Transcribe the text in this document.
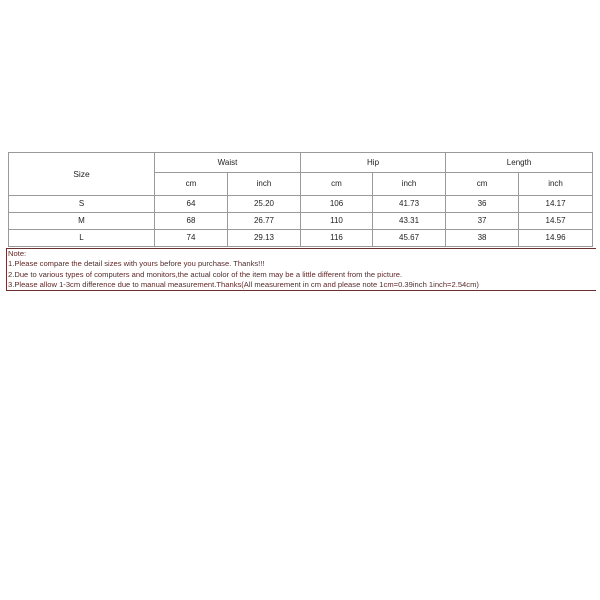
Size	Waist		Hip		Length	
	cm	inch	cm	inch	cm	inch
S	64	25.20	106	41.73	36	14.17
M	68	26.77	110	43.31	37	14.57
L	74	29.13	116	45.67	38	14.96
Note:
1.Please compare the detail sizes with yours before you purchase. Thanks!!!
2.Due to various types of computers and monitors,the actual color of the item may be a little different from the picture.
3.Please allow 1-3cm difference due to manual measurement.Thanks(All measurement in cm and please note 1cm=0.39inch 1inch=2.54cm)
